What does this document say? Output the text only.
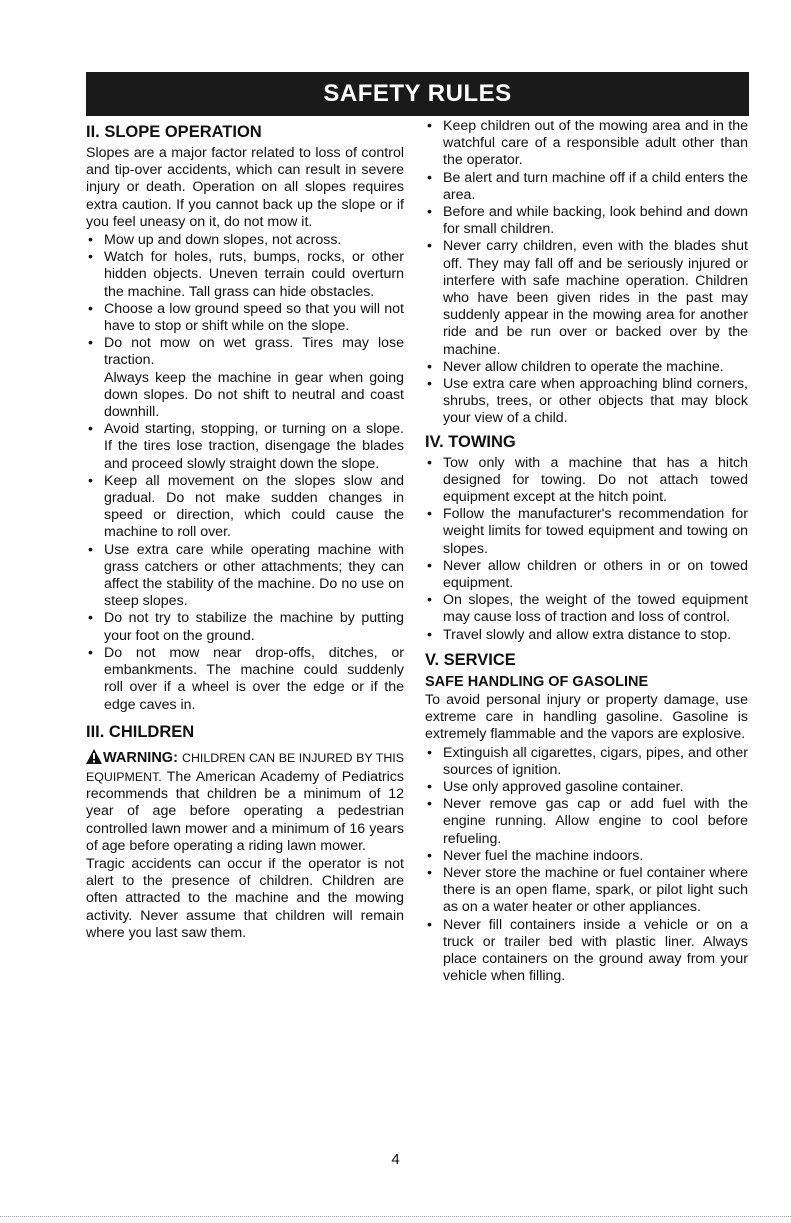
SAFETY RULES
II. SLOPE OPERATION

Slopes are a major factor related to loss of control and tip-over accidents, which can result in severe injury or death. Operation on all slopes requires extra caution. If you cannot back up the slope or if you feel uneasy on it, do not mow it.

• Mow up and down slopes, not across.
• Watch for holes, ruts, bumps, rocks, or other hidden objects. Uneven terrain could overturn the machine. Tall grass can hide obstacles.
• Choose a low ground speed so that you will not have to stop or shift while on the slope.
• Do not mow on wet grass. Tires may lose traction.
Always keep the machine in gear when going down slopes. Do not shift to neutral and coast downhill.
• Avoid starting, stopping, or turning on a slope. If the tires lose traction, disengage the blades and proceed slowly straight down the slope.
• Keep all movement on the slopes slow and gradual. Do not make sudden changes in speed or direction, which could cause the machine to roll over.
• Use extra care while operating machine with grass catchers or other attachments; they can affect the stability of the machine. Do no use on steep slopes.
• Do not try to stabilize the machine by putting your foot on the ground.
• Do not mow near drop-offs, ditches, or embankments. The machine could suddenly roll over if a wheel is over the edge or if the edge caves in.
III. CHILDREN

WARNING: CHILDREN CAN BE INJURED BY THIS EQUIPMENT. The American Academy of Pediatrics recommends that children be a minimum of 12 year of age before operating a pedestrian controlled lawn mower and a minimum of 16 years of age before operating a riding lawn mower.

Tragic accidents can occur if the operator is not alert to the presence of children. Children are often attracted to the machine and the mowing activity. Never assume that children will remain where you last saw them.

• Keep children out of the mowing area and in the watchful care of a responsible adult other than the operator.
• Be alert and turn machine off if a child enters the area.
• Before and while backing, look behind and down for small children.
• Never carry children, even with the blades shut off. They may fall off and be seriously injured or interfere with safe machine operation. Children who have been given rides in the past may suddenly appear in the mowing area for another ride and be run over or backed over by the machine.
• Never allow children to operate the machine.
• Use extra care when approaching blind corners, shrubs, trees, or other objects that may block your view of a child.
IV. TOWING
• Tow only with a machine that has a hitch designed for towing. Do not attach towed equipment except at the hitch point.
• Follow the manufacturer's recommendation for weight limits for towed equipment and towing on slopes.
• Never allow children or others in or on towed equipment.
• On slopes, the weight of the towed equipment may cause loss of traction and loss of control.
• Travel slowly and allow extra distance to stop.
V. SERVICE
SAFE HANDLING OF GASOLINE

To avoid personal injury or property damage, use extreme care in handling gasoline. Gasoline is extremely flammable and the vapors are explosive.

• Extinguish all cigarettes, cigars, pipes, and other sources of ignition.
• Use only approved gasoline container.
• Never remove gas cap or add fuel with the engine running. Allow engine to cool before refueling.
• Never fuel the machine indoors.
• Never store the machine or fuel container where there is an open flame, spark, or pilot light such as on a water heater or other appliances.
• Never fill containers inside a vehicle or on a truck or trailer bed with plastic liner. Always place containers on the ground away from your vehicle when filling.
4
